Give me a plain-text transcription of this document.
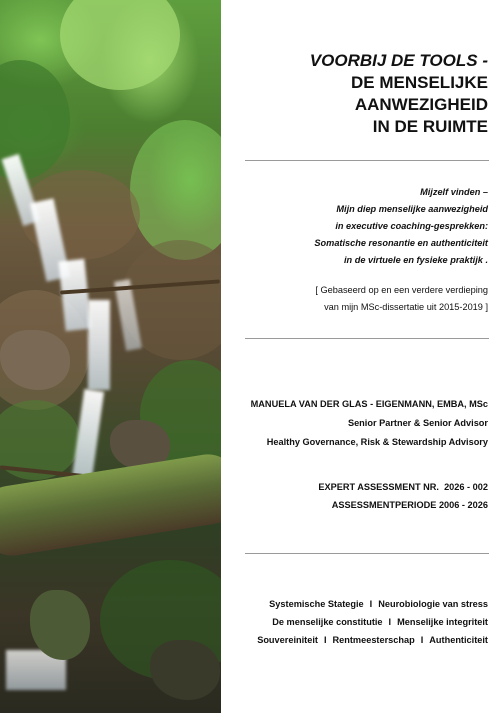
VOORBIJ DE TOOLS -
DE MENSELIJKE
AANWEZIGHEID
IN DE RUIMTE
Mijzelf vinden –
Mijn diep menselijke aanwezigheid
in executive coaching-gesprekken:
Somatische resonantie en authenticiteit
in de virtuele en fysieke praktijk .
[ Gebaseerd op en een verdere verdieping
van mijn MSc-dissertatie uit 2015-2019 ]
MANUELA VAN DER GLAS - EIGENMANN, EMBA, MSc
Senior Partner & Senior Advisor
Healthy Governance, Risk & Stewardship Advisory
EXPERT ASSESSMENT NR.  2026 - 002
ASSESSMENTPERIODE 2006 - 2026
Systemische Stategie I Neurobiologie van stress
De menselijke constitutie I Menselijke integriteit
Souvereiniteit I Rentmeesterschap I Authenticiteit
